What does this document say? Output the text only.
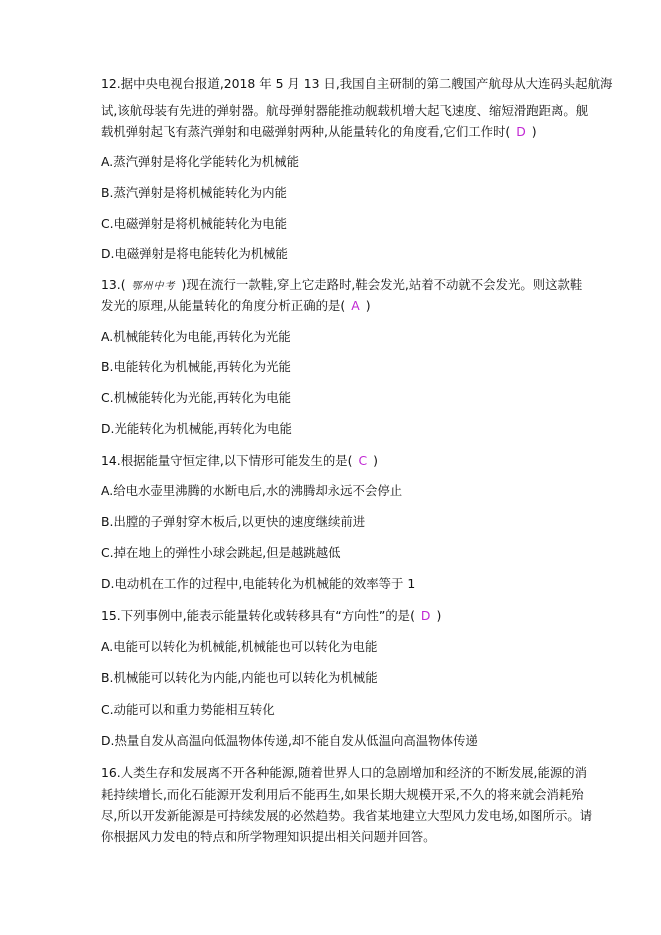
12.据中央电视台报道,2018 年 5 月 13 日,我国自主研制的第二艘国产航母从大连码头起航海
试,该航母装有先进的弹射器。航母弹射器能推动舰载机增大起飞速度、缩短滑跑距离。舰
载机弹射起飞有蒸汽弹射和电磁弹射两种,从能量转化的角度看,它们工作时( D )
A.蒸汽弹射是将化学能转化为机械能
B.蒸汽弹射是将机械能转化为内能
C.电磁弹射是将机械能转化为电能
D.电磁弹射是将电能转化为机械能
13.( 鄂州中考 )现在流行一款鞋,穿上它走路时,鞋会发光,站着不动就不会发光。则这款鞋
发光的原理,从能量转化的角度分析正确的是( A )
A.机械能转化为电能,再转化为光能
B.电能转化为机械能,再转化为光能
C.机械能转化为光能,再转化为电能
D.光能转化为机械能,再转化为电能
14.根据能量守恒定律,以下情形可能发生的是( C )
A.给电水壶里沸腾的水断电后,水的沸腾却永远不会停止
B.出膛的子弹射穿木板后,以更快的速度继续前进
C.掉在地上的弹性小球会跳起,但是越跳越低
D.电动机在工作的过程中,电能转化为机械能的效率等于 1
15.下列事例中,能表示能量转化或转移具有“方向性”的是( D )
A.电能可以转化为机械能,机械能也可以转化为电能
B.机械能可以转化为内能,内能也可以转化为机械能
C.动能可以和重力势能相互转化
D.热量自发从高温向低温物体传递,却不能自发从低温向高温物体传递
16.人类生存和发展离不开各种能源,随着世界人口的急剧增加和经济的不断发展,能源的消
耗持续增长,而化石能源开发利用后不能再生,如果长期大规模开采,不久的将来就会消耗殆
尽,所以开发新能源是可持续发展的必然趋势。我省某地建立大型风力发电场,如图所示。请
你根据风力发电的特点和所学物理知识提出相关问题并回答。
